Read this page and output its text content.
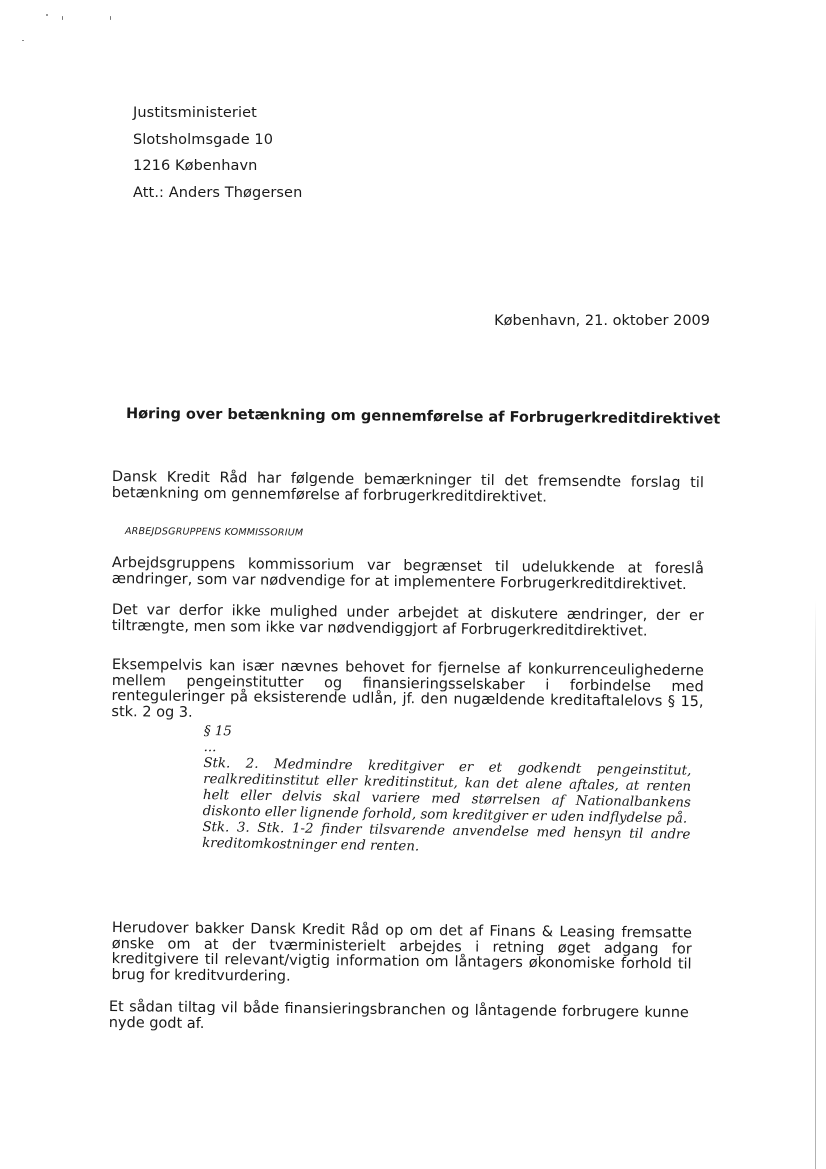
Justitsministeriet
Slotsholmsgade 10
1216 København
Att.: Anders Thøgersen
København, 21. oktober 2009
Høring over betænkning om gennemførelse af Forbrugerkreditdirektivet
Dansk Kredit Råd har følgende bemærkninger til det fremsendte forslag til betænkning om gennemførelse af forbrugerkreditdirektivet.
ARBEJDSGRUPPENS KOMMISSORIUM
Arbejdsgruppens kommissorium var begrænset til udelukkende at foreslå ændringer, som var nødvendige for at implementere Forbrugerkreditdirektivet.
Det var derfor ikke mulighed under arbejdet at diskutere ændringer, der er tiltrængte, men som ikke var nødvendiggjort af Forbrugerkreditdirektivet.
Eksempelvis kan især nævnes behovet for fjernelse af konkurrenceulighederne mellem pengeinstitutter og finansieringsselskaber i forbindelse med renteguleringer på eksisterende udlån, jf. den nugældende kreditaftalelovs § 15, stk. 2 og 3.
§ 15
...
Stk. 2. Medmindre kreditgiver er et godkendt pengeinstitut, realkreditinstitut eller kreditinstitut, kan det alene aftales, at renten helt eller delvis skal variere med størrelsen af Nationalbankens diskonto eller lignende forhold, som kreditgiver er uden indflydelse på.
Stk. 3. Stk. 1-2 finder tilsvarende anvendelse med hensyn til andre kreditomkostninger end renten.
Herudover bakker Dansk Kredit Råd op om det af Finans & Leasing fremsatte ønske om at der tværministerielt arbejdes i retning øget adgang for kreditgivere til relevant/vigtig information om låntagers økonomiske forhold til brug for kreditvurdering.
Et sådan tiltag vil både finansieringsbranchen og låntagende forbrugere kunne nyde godt af.
